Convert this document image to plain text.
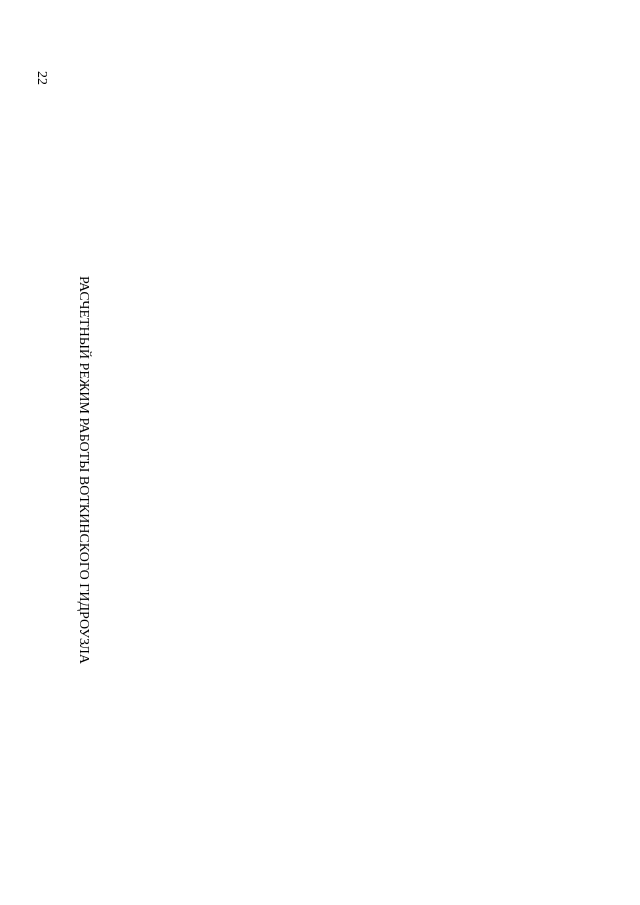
22
РАСЧЕТНЫЙ РЕЖИМ РАБОТЫ ВОТКИНСКОГО ГИДРОУЗЛА
